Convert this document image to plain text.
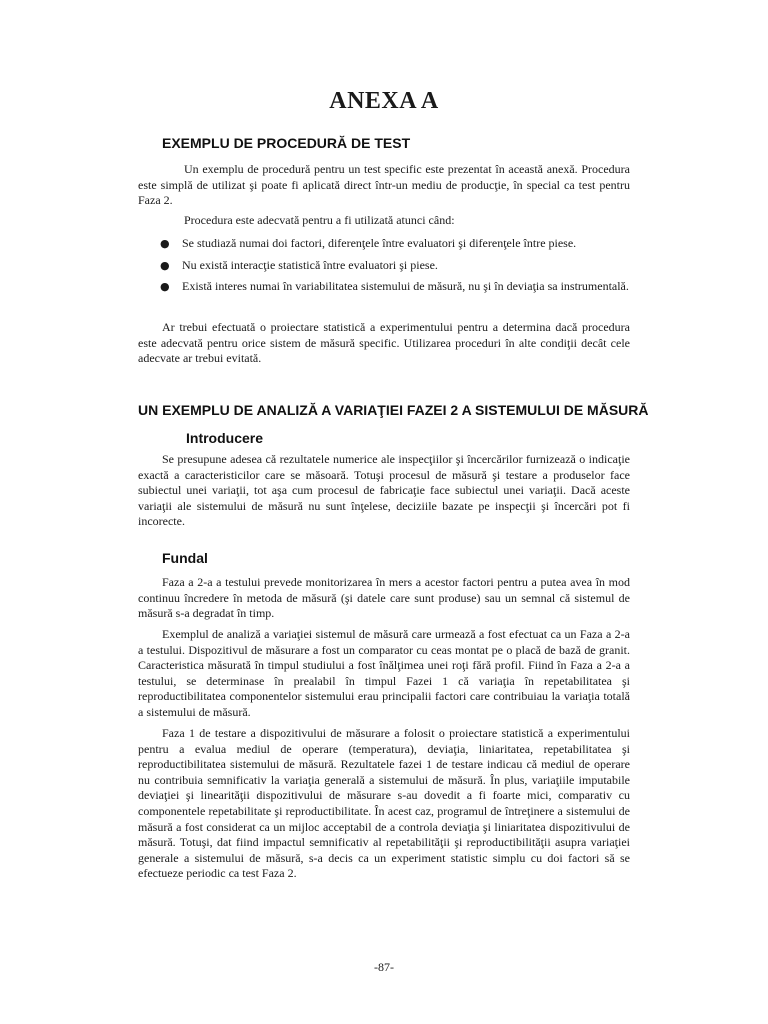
ANEXA A
EXEMPLU DE PROCEDURĂ DE TEST
Un exemplu de procedură pentru un test specific este prezentat în această anexă. Procedura este simplă de utilizat şi poate fi aplicată direct într-un mediu de producţie, în special ca test pentru Faza 2.
Procedura este adecvată pentru a fi utilizată atunci când:
● Se studiază numai doi factori, diferenţele între evaluatori şi diferenţele între piese.
● Nu există interacţie statistică între evaluatori şi piese.
● Există interes numai în variabilitatea sistemului de măsură, nu şi în deviaţia sa instrumentală.
Ar trebui efectuată o proiectare statistică a experimentului pentru a determina dacă procedura este adecvată pentru orice sistem de măsură specific. Utilizarea proceduri în alte condiţii decât cele adecvate ar trebui evitată.
UN EXEMPLU DE ANALIZĂ A VARIAŢIEI FAZEI 2 A SISTEMULUI DE MĂSURĂ
Introducere
Se presupune adesea că rezultatele numerice ale inspecţiilor şi încercărilor furnizează o indicaţie exactă a caracteristicilor care se măsoară. Totuşi procesul de măsură şi testare a produselor face subiectul unei variaţii, tot aşa cum procesul de fabricaţie face subiectul unei variaţii. Dacă aceste variaţii ale sistemului de măsură nu sunt înţelese, deciziile bazate pe inspecţii şi încercări pot fi incorecte.
Fundal
Faza a 2-a a testului prevede monitorizarea în mers a acestor factori pentru a putea avea în mod continuu încredere în metoda de măsură (şi datele care sunt produse) sau un semnal că sistemul de măsură s-a degradat în timp.
Exemplul de analiză a variaţiei sistemul de măsură care urmează a fost efectuat ca un Faza a 2-a a testului. Dispozitivul de măsurare a fost un comparator cu ceas montat pe o placă de bază de granit. Caracteristica măsurată în timpul studiului a fost înălţimea unei roţi fără profil. Fiind în Faza a 2-a a testului, se determinase în prealabil în timpul Fazei 1 că variaţia în repetabilitatea şi reproductibilitatea componentelor sistemului erau principalii factori care contribuiau la variaţia totală a sistemului de măsură.
Faza 1 de testare a dispozitivului de măsurare a folosit o proiectare statistică a experimentului pentru a evalua mediul de operare (temperatura), deviaţia, liniaritatea, repetabilitatea şi reproductibilitatea sistemului de măsură. Rezultatele fazei 1 de testare indicau că mediul de operare nu contribuia semnificativ la variaţia generală a sistemului de măsură. În plus, variaţiile imputabile deviaţiei şi linearităţii dispozitivului de măsurare s-au dovedit a fi foarte mici, comparativ cu componentele repetabilitate şi reproductibilitate. În acest caz, programul de întreţinere a sistemului de măsură a fost considerat ca un mijloc acceptabil de a controla deviaţia şi liniaritatea dispozitivului de măsură. Totuşi, dat fiind impactul semnificativ al repetabilităţii şi reproductibilităţii asupra variaţiei generale a sistemului de măsură, s-a decis ca un experiment statistic simplu cu doi factori să se efectueze periodic ca test Faza 2.
-87-
